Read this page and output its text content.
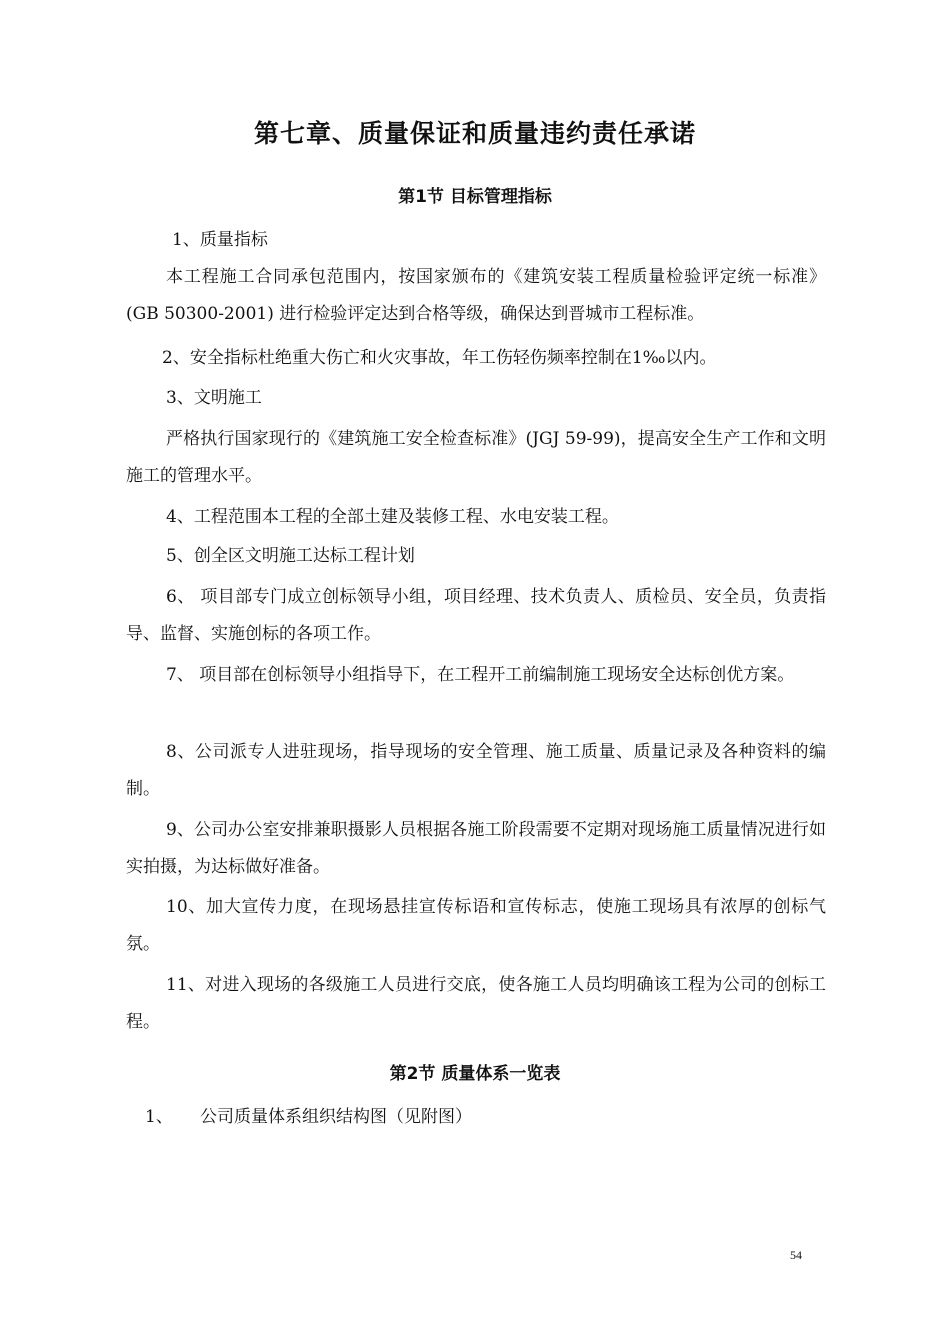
第七章、质量保证和质量违约责任承诺
第1节 目标管理指标

1、质量指标

本工程施工合同承包范围内，按国家颁布的《建筑安装工程质量检验评定统一标准》 (GB 50300-2001) 进行检验评定达到合格等级，确保达到晋城市工程标准。

2、安全指标杜绝重大伤亡和火灾事故，年工伤轻伤频率控制在1‰以内。

3、文明施工

严格执行国家现行的《建筑施工安全检查标准》(JGJ 59-99)，提高安全生产工作和文明施工的管理水平。

4、工程范围本工程的全部土建及装修工程、水电安装工程。

5、创全区文明施工达标工程计划

6、 项目部专门成立创标领导小组，项目经理、技术负责人、质检员、安全员，负责指导、监督、实施创标的各项工作。

7、 项目部在创标领导小组指导下，在工程开工前编制施工现场安全达标创优方案。

8、公司派专人进驻现场，指导现场的安全管理、施工质量、质量记录及各种资料的编制。

9、公司办公室安排兼职摄影人员根据各施工阶段需要不定期对现场施工质量情况进行如实拍摄，为达标做好准备。

10、加大宣传力度，在现场悬挂宣传标语和宣传标志，使施工现场具有浓厚的创标气氛。

11、对进入现场的各级施工人员进行交底，使各施工人员均明确该工程为公司的创标工程。

第2节 质量体系一览表

1、 公司质量体系组织结构图（见附图）

54
